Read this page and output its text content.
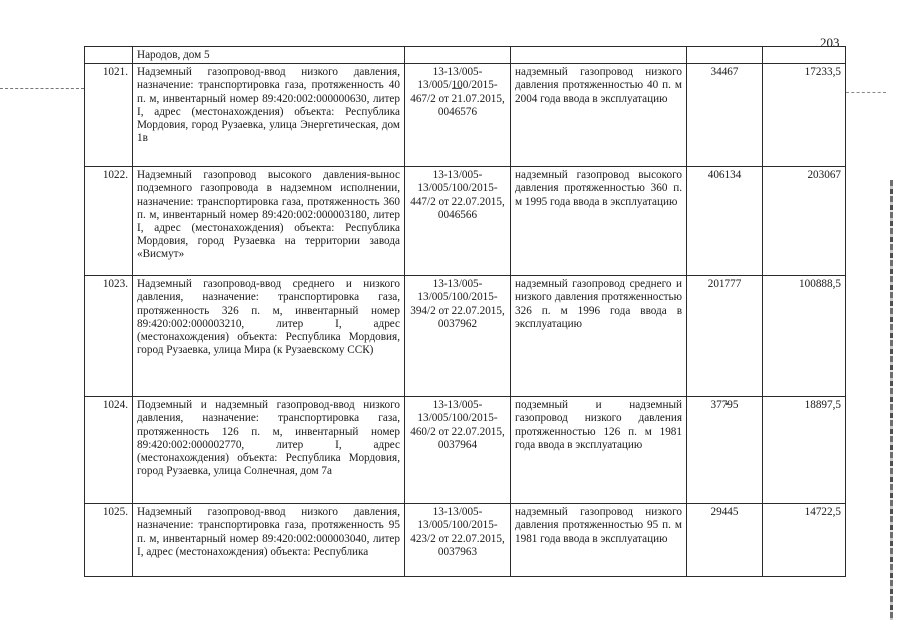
203
	Народов, дом 5				
1021.	Надземный газопровод-ввод низкого давления, назначение: транспортировка газа, протяженность 40 п. м, инвентарный номер 89:420:002:000000630, литер I, адрес (местонахождения) объекта: Республика Мордовия, город Рузаевка, улица Энергетическая, дом 1в	13-13/005-13/005/100/2015-467/2 от 21.07.2015, 0046576	надземный газопровод низкого давления протяженностью 40 п. м 2004 года ввода в эксплуатацию	34467	17233,5
1022.	Надземный газопровод высокого давления-вынос подземного газопровода в надземном исполнении, назначение: транспортировка газа, протяженность 360 п. м, инвентарный номер 89:420:002:000003180, литер I, адрес (местонахождения) объекта: Республика Мордовия, город Рузаевка на территории завода «Висмут»	13-13/005-13/005/100/2015-447/2 от 22.07.2015, 0046566	надземный газопровод высокого давления протяженностью 360 п. м 1995 года ввода в эксплуатацию	406134	203067
1023.	Надземный газопровод-ввод среднего и низкого давления, назначение: транспортировка газа, протяженность 326 п. м, инвентарный номер 89:420:002:000003210, литер I, адрес (местонахождения) объекта: Республика Мордовия, город Рузаевка, улица Мира (к Рузаевскому ССК)	13-13/005-13/005/100/2015-394/2 от 22.07.2015, 0037962	надземный газопровод среднего и низкого давления протяженностью 326 п. м 1996 года ввода в эксплуатацию	201777	100888,5
1024.	Подземный и надземный газопровод-ввод низкого давления, назначение: транспортировка газа, протяженность 126 п. м, инвентарный номер 89:420:002:000002770, литер I, адрес (местонахождения) объекта: Республика Мордовия, город Рузаевка, улица Солнечная, дом 7а	13-13/005-13/005/100/2015-460/2 от 22.07.2015, 0037964	подземный и надземный газопровод низкого давления протяженностью 126 п. м 1981 года ввода в эксплуатацию	37795	18897,5
1025.	Надземный газопровод-ввод низкого давления, назначение: транспортировка газа, протяженность 95 п. м, инвентарный номер 89:420:002:000003040, литер I, адрес (местонахождения) объекта: Республика	13-13/005-13/005/100/2015-423/2 от 22.07.2015, 0037963	надземный газопровод низкого давления протяженностью 95 п. м 1981 года ввода в эксплуатацию	29445	14722,5
